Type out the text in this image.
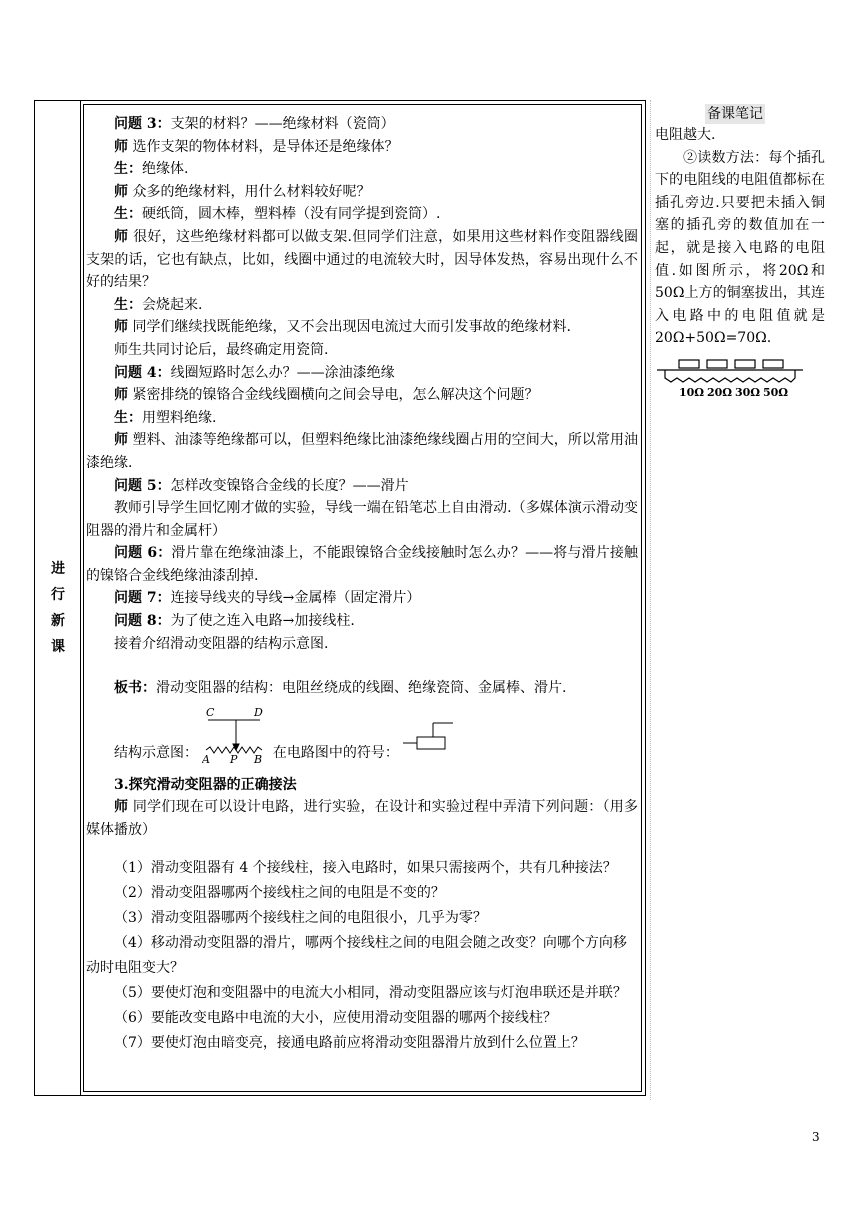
进
行
新
课

问题 3：支架的材料？——绝缘材料（瓷筒）

师 选作支架的物体材料，是导体还是绝缘体？

生：绝缘体.

师 众多的绝缘材料，用什么材料较好呢？

生：硬纸筒，圆木棒，塑料棒（没有同学提到瓷筒）.

师 很好，这些绝缘材料都可以做支架.但同学们注意，如果用这些材料作变阻器线圈支架的话，它也有缺点，比如，线圈中通过的电流较大时，因导体发热，容易出现什么不好的结果？

生：会烧起来.

师 同学们继续找既能绝缘，又不会出现因电流过大而引发事故的绝缘材料.

师生共同讨论后，最终确定用瓷筒.

问题 4：线圈短路时怎么办？——涂油漆绝缘

师 紧密排绕的镍铬合金线线圈横向之间会导电，怎么解决这个问题？

生：用塑料绝缘.

师 塑料、油漆等绝缘都可以，但塑料绝缘比油漆绝缘线圈占用的空间大，所以常用油漆绝缘.

问题 5：怎样改变镍铬合金线的长度？——滑片

教师引导学生回忆刚才做的实验，导线一端在铅笔芯上自由滑动.（多媒体演示滑动变阻器的滑片和金属杆）

问题 6：滑片靠在绝缘油漆上，不能跟镍铬合金线接触时怎么办？——将与滑片接触的镍铬合金线绝缘油漆刮掉.

问题 7：连接导线夹的导线→金属棒（固定滑片）

问题 8：为了使之连入电路→加接线柱.

接着介绍滑动变阻器的结构示意图.

板书：滑动变阻器的结构：电阻丝绕成的线圈、绝缘瓷筒、金属棒、滑片.

结构示意图：
C	D
A P B 在电路图中的符号：

3.探究滑动变阻器的正确接法

师 同学们现在可以设计电路，进行实验，在设计和实验过程中弄清下列问题：（用多媒体播放）

（1）滑动变阻器有 4 个接线柱，接入电路时，如果只需接两个，共有几种接法？

（2）滑动变阻器哪两个接线柱之间的电阻是不变的？

（3）滑动变阻器哪两个接线柱之间的电阻很小，几乎为零？

（4）移动滑动变阻器的滑片，哪两个接线柱之间的电阻会随之改变？向哪个方向移动时电阻变大？

（5）要使灯泡和变阻器中的电流大小相同，滑动变阻器应该与灯泡串联还是并联？

（6）要能改变电路中电流的大小，应使用滑动变阻器的哪两个接线柱？

（7）要使灯泡由暗变亮，接通电路前应将滑动变阻器滑片放到什么位置上？

备课笔记

电阻越大.

②读数方法：每个插孔下的电阻线的电阻值都标在插孔旁边.只要把未插入铜塞的插孔旁的数值加在一起，就是接入电路的电阻值.如图所示，将20Ω和50Ω上方的铜塞拔出，其连入电路中的电阻值就是 20Ω+50Ω=70Ω.

10Ω 20Ω 30Ω 50Ω
3
